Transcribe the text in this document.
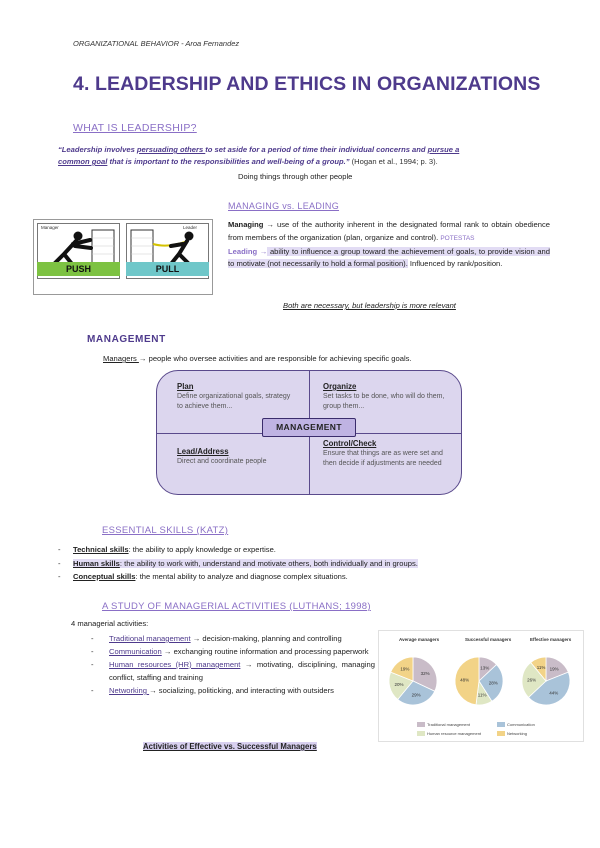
ORGANIZATIONAL BEHAVIOR - Aroa Fernandez
4. LEADERSHIP AND ETHICS IN ORGANIZATIONS
WHAT IS LEADERSHIP?
“Leadership involves persuading others to set aside for a period of time their individual concerns and pursue a
common goal that is important to the responsibilities and well-being of a group.” (Hogan et al., 1994; p. 3).
Doing things through other people
Manager
PUSH
Leader
PULL
MANAGING vs. LEADING

Managing → use of the authority inherent in the designated formal rank to obtain obedience from members of the organization (plan, organize and control). POTESTAS

Leading → ability to influence a group toward the achievement of goals, to provide vision and to motivate (not necessarily to hold a formal position). Influenced by rank/position.

Both are necessary, but leadership is more relevant
MANAGEMENT
Managers → people who oversee activities and are responsible for achieving specific goals.
Plan
Define organizational goals, strategy to achieve them...
Organize
Set tasks to be done, who will do them, group them...
Lead/Address
Direct and coordinate people
Control/Check
Ensure that things are as were set and then decide if adjustments are needed
MANAGEMENT
ESSENTIAL SKILLS (KATZ)
- Technical skills: the ability to apply knowledge or expertise.
- Human skills: the ability to work with, understand and motivate others, both individually and in groups.
- Conceptual skills: the mental ability to analyze and diagnose complex situations.
A STUDY OF MANAGERIAL ACTIVITIES (LUTHANS; 1998)
4 managerial activities:
- Traditional management → decision-making, planning and controlling
- Communication → exchanging routine information and processing paperwork
- Human resources (HR) management → motivating, disciplining, managing conflict, staffing and training
- Networking → socializing, politicking, and interacting with outsiders
Activities of Effective vs. Successful Managers
Average managers	Successful managers	Effective managers
32%
29%
20%
19%	13%
28%
11%
48%
19%
44%
26%
11%
Traditional management	Communication
Human resource management	Networking
